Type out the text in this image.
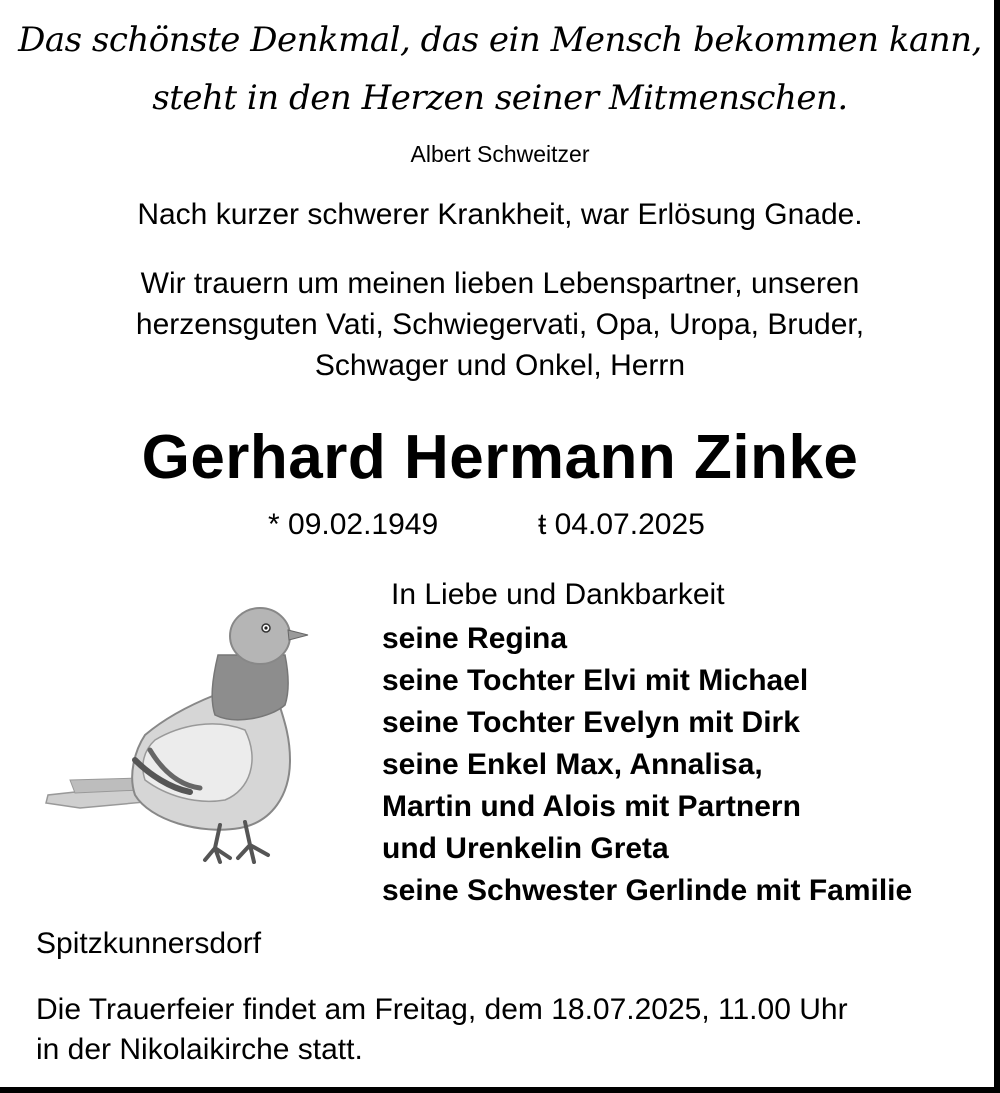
Das schönste Denkmal, das ein Mensch bekommen kann,
steht in den Herzen seiner Mitmenschen.
Albert Schweitzer
Nach kurzer schwerer Krankheit, war Erlösung Gnade.
Wir trauern um meinen lieben Lebenspartner, unseren
herzensguten Vati, Schwiegervati, Opa, Uropa, Bruder,
Schwager und Onkel, Herrn
Gerhard Hermann Zinke
* 09.02.1949	ŧ 04.07.2025
In Liebe und Dankbarkeit
seine Regina
seine Tochter Elvi mit Michael
seine Tochter Evelyn mit Dirk
seine Enkel Max, Annalisa,
Martin und Alois mit Partnern
und Urenkelin Greta
seine Schwester Gerlinde mit Familie
Spitzkunnersdorf
Die Trauerfeier findet am Freitag, dem 18.07.2025, 11.00 Uhr
in der Nikolaikirche statt.
